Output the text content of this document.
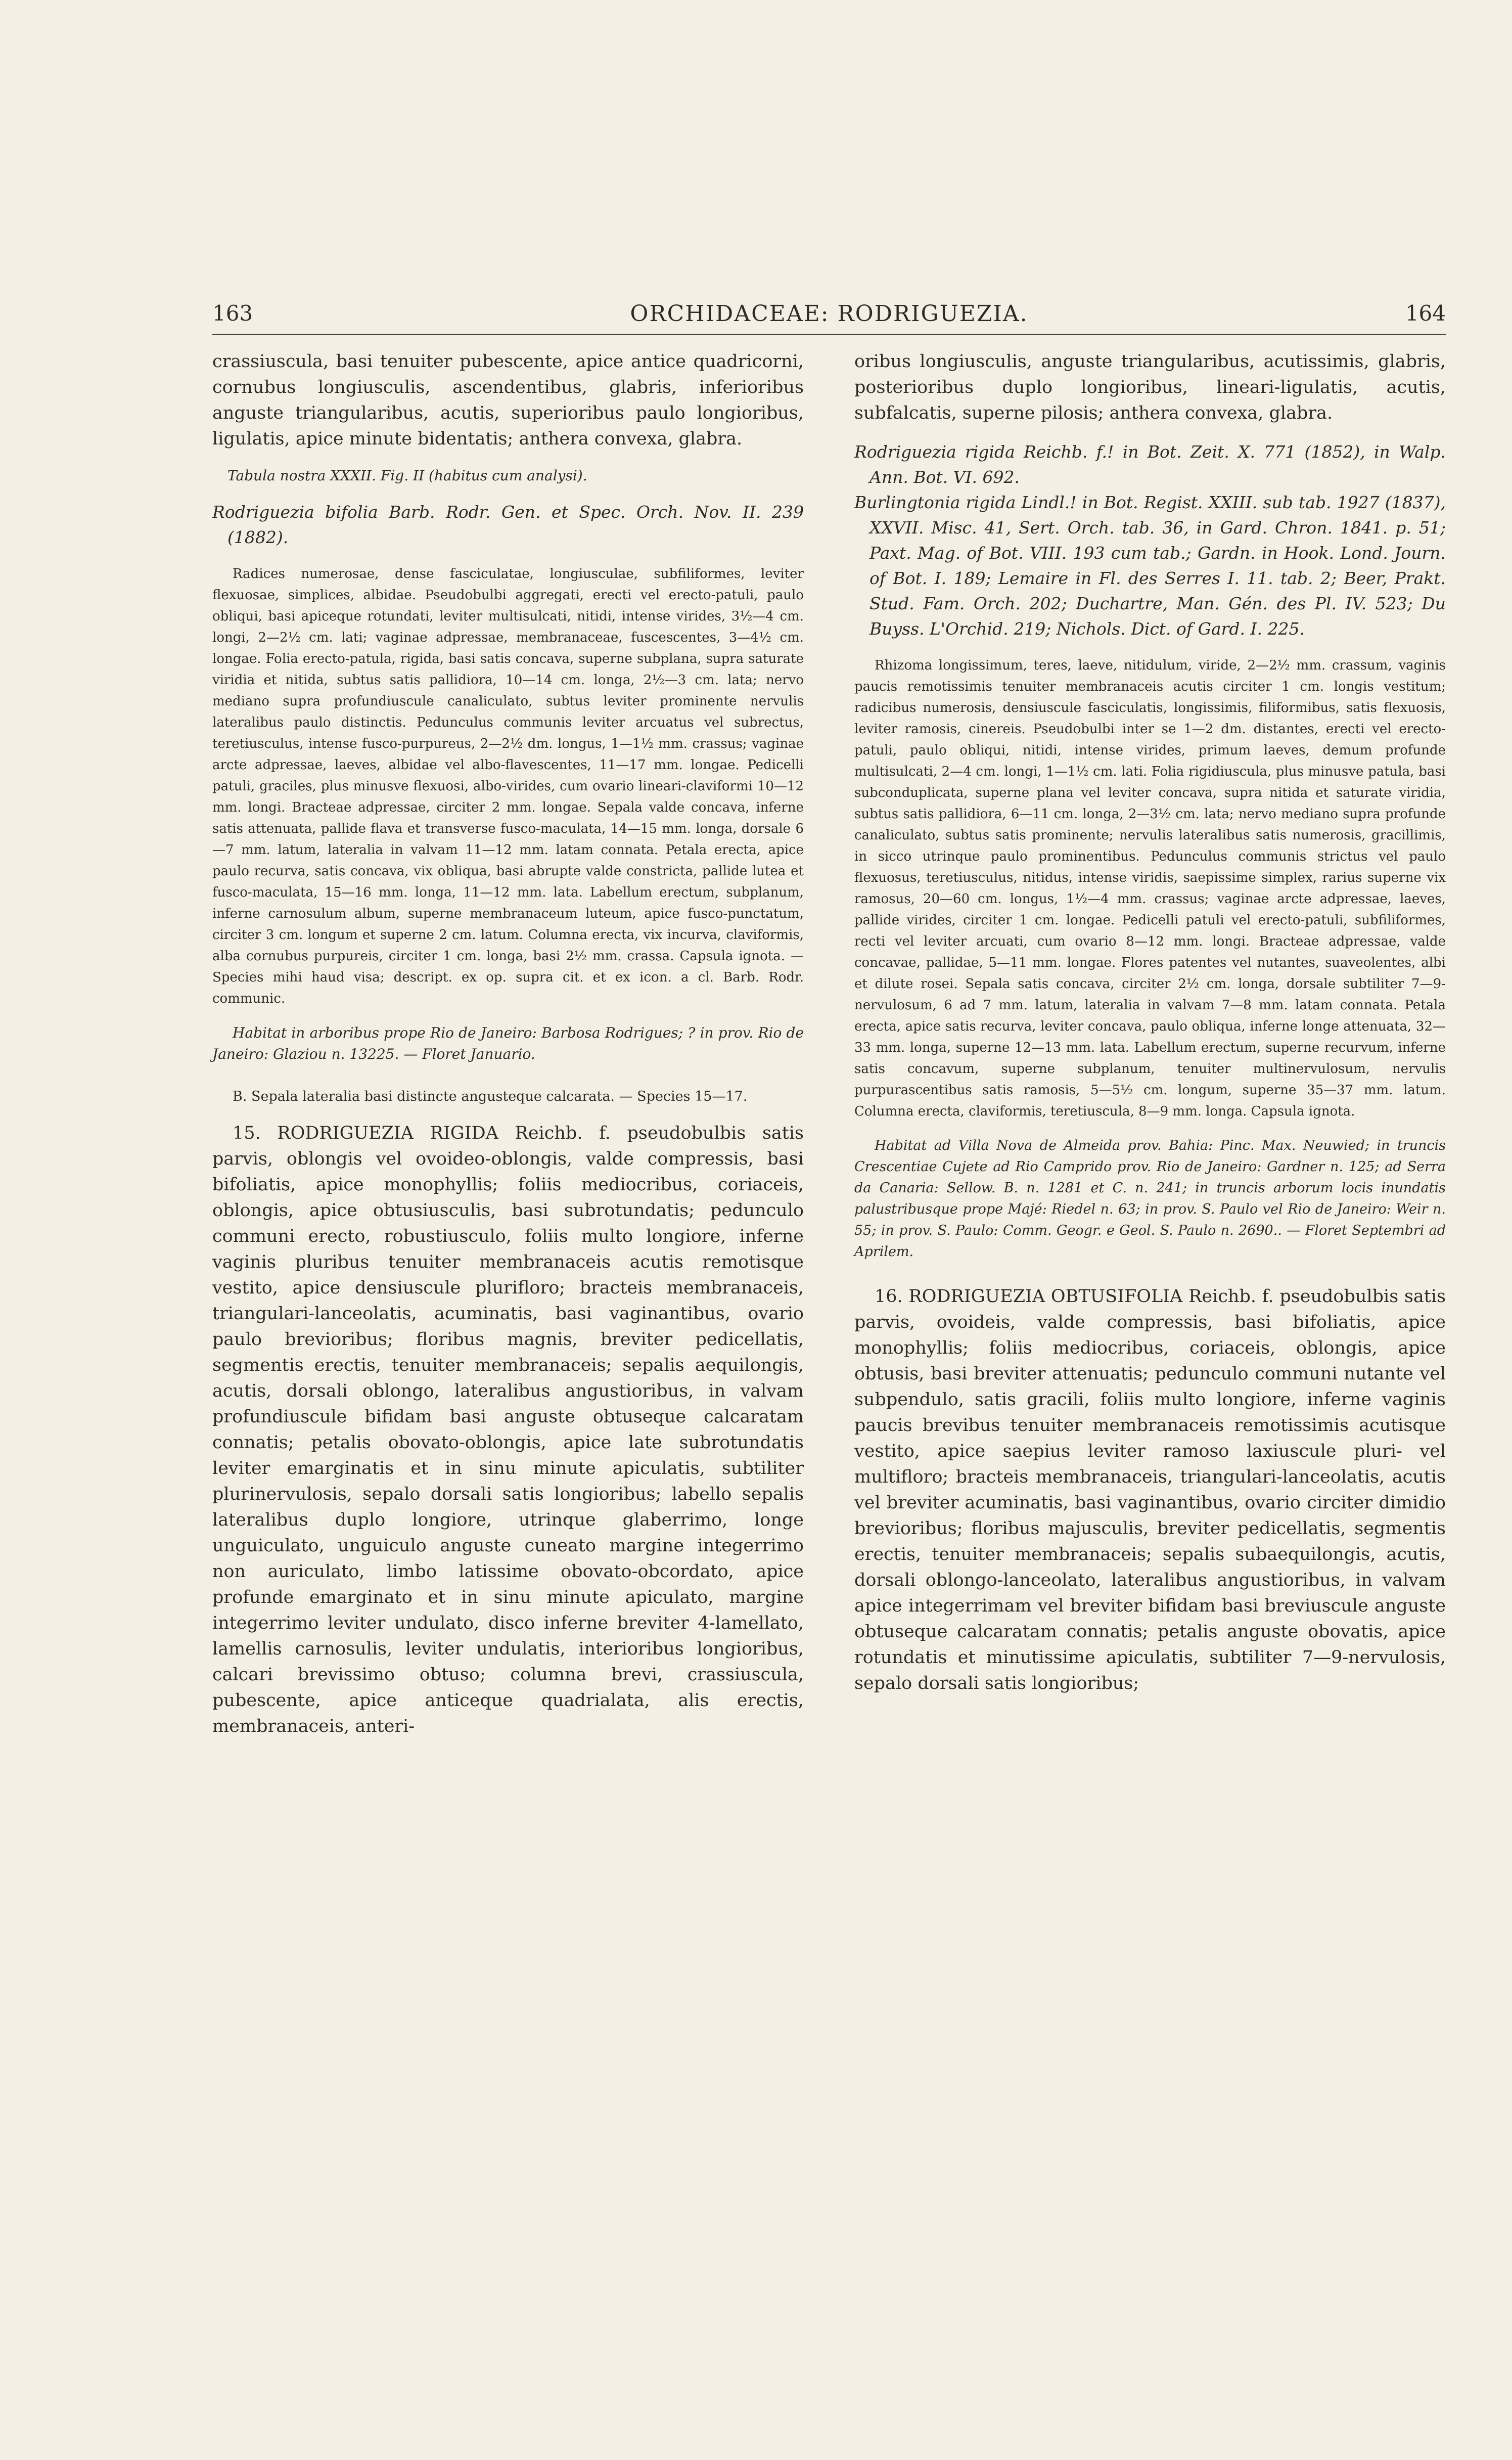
163	ORCHIDACEAE: RODRIGUEZIA.	164

crassiuscula, basi tenuiter pubescente, apice antice quadricorni, cornubus longiusculis, ascendentibus, glabris, inferioribus anguste triangularibus, acutis, superioribus paulo longioribus, ligulatis, apice minute bidentatis; anthera convexa, glabra.

Tabula nostra XXXII. Fig. II (habitus cum analysi).

Rodriguezia bifolia Barb. Rodr. Gen. et Spec. Orch. Nov. II. 239 (1882).

Radices numerosae, dense fasciculatae, longiusculae, subfiliformes, leviter flexuosae, simplices, albidae. Pseudobulbi aggregati, erecti vel erecto-patuli, paulo obliqui, basi apiceque rotundati, leviter multisulcati, nitidi, intense virides, 3½—4 cm. longi, 2—2½ cm. lati; vaginae adpressae, membranaceae, fuscescentes, 3—4½ cm. longae. Folia erecto-patula, rigida, basi satis concava, superne subplana, supra saturate viridia et nitida, subtus satis pallidiora, 10—14 cm. longa, 2½—3 cm. lata; nervo mediano supra profundiuscule canaliculato, subtus leviter prominente nervulis lateralibus paulo distinctis. Pedunculus communis leviter arcuatus vel subrectus, teretiusculus, intense fusco-purpureus, 2—2½ dm. longus, 1—1½ mm. crassus; vaginae arcte adpressae, laeves, albidae vel albo-flavescentes, 11—17 mm. longae. Pedicelli patuli, graciles, plus minusve flexuosi, albo-virides, cum ovario lineari-claviformi 10—12 mm. longi. Bracteae adpressae, circiter 2 mm. longae. Sepala valde concava, inferne satis attenuata, pallide flava et transverse fusco-maculata, 14—15 mm. longa, dorsale 6—7 mm. latum, lateralia in valvam 11—12 mm. latam connata. Petala erecta, apice paulo recurva, satis concava, vix obliqua, basi abrupte valde constricta, pallide lutea et fusco-maculata, 15—16 mm. longa, 11—12 mm. lata. Labellum erectum, subplanum, inferne carnosulum album, superne membranaceum luteum, apice fusco-punctatum, circiter 3 cm. longum et superne 2 cm. latum. Columna erecta, vix incurva, claviformis, alba cornubus purpureis, circiter 1 cm. longa, basi 2½ mm. crassa. Capsula ignota. — Species mihi haud visa; descript. ex op. supra cit. et ex icon. a cl. Barb. Rodr. communic.

Habitat in arboribus prope Rio de Janeiro: Barbosa Rodrigues; ? in prov. Rio de Janeiro: Glaziou n. 13225. — Floret Januario.

B. Sepala lateralia basi distincte angusteque calcarata. — Species 15—17.

15. RODRIGUEZIA RIGIDA Reichb. f. pseudobulbis satis parvis, oblongis vel ovoideo-oblongis, valde compressis, basi bifoliatis, apice monophyllis; foliis mediocribus, coriaceis, oblongis, apice obtusiusculis, basi subrotundatis; pedunculo communi erecto, robustiusculo, foliis multo longiore, inferne vaginis pluribus tenuiter membranaceis acutis remotisque vestito, apice densiuscule plurifloro; bracteis membranaceis, triangulari-lanceolatis, acuminatis, basi vaginantibus, ovario paulo brevioribus; floribus magnis, breviter pedicellatis, segmentis erectis, tenuiter membranaceis; sepalis aequilongis, acutis, dorsali oblongo, lateralibus angustioribus, in valvam profundiuscule bifidam basi anguste obtuseque calcaratam connatis; petalis obovato-oblongis, apice late subrotundatis leviter emarginatis et in sinu minute apiculatis, subtiliter plurinervulosis, sepalo dorsali satis longioribus; labello sepalis lateralibus duplo longiore, utrinque glaberrimo, longe unguiculato, unguiculo anguste cuneato margine integerrimo non auriculato, limbo latissime obovato-obcordato, apice profunde emarginato et in sinu minute apiculato, margine integerrimo leviter undulato, disco inferne breviter 4-lamellato, lamellis carnosulis, leviter undulatis, interioribus longioribus, calcari brevissimo obtuso; columna brevi, crassiuscula, pubescente, apice anticeque quadrialata, alis erectis, membranaceis, anteri-

oribus longiusculis, anguste triangularibus, acutissimis, glabris, posterioribus duplo longioribus, lineari-ligulatis, acutis, subfalcatis, superne pilosis; anthera convexa, glabra.

Rodriguezia rigida Reichb. f.! in Bot. Zeit. X. 771 (1852), in Walp. Ann. Bot. VI. 692.

Burlingtonia rigida Lindl.! in Bot. Regist. XXIII. sub tab. 1927 (1837), XXVII. Misc. 41, Sert. Orch. tab. 36, in Gard. Chron. 1841. p. 51; Paxt. Mag. of Bot. VIII. 193 cum tab.; Gardn. in Hook. Lond. Journ. of Bot. I. 189; Lemaire in Fl. des Serres I. 11. tab. 2; Beer, Prakt. Stud. Fam. Orch. 202; Duchartre, Man. Gén. des Pl. IV. 523; Du Buyss. L'Orchid. 219; Nichols. Dict. of Gard. I. 225.

Rhizoma longissimum, teres, laeve, nitidulum, viride, 2—2½ mm. crassum, vaginis paucis remotissimis tenuiter membranaceis acutis circiter 1 cm. longis vestitum; radicibus numerosis, densiuscule fasciculatis, longissimis, filiformibus, satis flexuosis, leviter ramosis, cinereis. Pseudobulbi inter se 1—2 dm. distantes, erecti vel erecto-patuli, paulo obliqui, nitidi, intense virides, primum laeves, demum profunde multisulcati, 2—4 cm. longi, 1—1½ cm. lati. Folia rigidiuscula, plus minusve patula, basi subconduplicata, superne plana vel leviter concava, supra nitida et saturate viridia, subtus satis pallidiora, 6—11 cm. longa, 2—3½ cm. lata; nervo mediano supra profunde canaliculato, subtus satis prominente; nervulis lateralibus satis numerosis, gracillimis, in sicco utrinque paulo prominentibus. Pedunculus communis strictus vel paulo flexuosus, teretiusculus, nitidus, intense viridis, saepissime simplex, rarius superne vix ramosus, 20—60 cm. longus, 1½—4 mm. crassus; vaginae arcte adpressae, laeves, pallide virides, circiter 1 cm. longae. Pedicelli patuli vel erecto-patuli, subfiliformes, recti vel leviter arcuati, cum ovario 8—12 mm. longi. Bracteae adpressae, valde concavae, pallidae, 5—11 mm. longae. Flores patentes vel nutantes, suaveolentes, albi et dilute rosei. Sepala satis concava, circiter 2½ cm. longa, dorsale subtiliter 7—9-nervulosum, 6 ad 7 mm. latum, lateralia in valvam 7—8 mm. latam connata. Petala erecta, apice satis recurva, leviter concava, paulo obliqua, inferne longe attenuata, 32—33 mm. longa, superne 12—13 mm. lata. Labellum erectum, superne recurvum, inferne satis concavum, superne subplanum, tenuiter multinervulosum, nervulis purpurascentibus satis ramosis, 5—5½ cm. longum, superne 35—37 mm. latum. Columna erecta, claviformis, teretiuscula, 8—9 mm. longa. Capsula ignota.

Habitat ad Villa Nova de Almeida prov. Bahia: Pinc. Max. Neuwied; in truncis Crescentiae Cujete ad Rio Camprido prov. Rio de Janeiro: Gardner n. 125; ad Serra da Canaria: Sellow. B. n. 1281 et C. n. 241; in truncis arborum locis inundatis palustribusque prope Majé: Riedel n. 63; in prov. S. Paulo vel Rio de Janeiro: Weir n. 55; in prov. S. Paulo: Comm. Geogr. e Geol. S. Paulo n. 2690.. — Floret Septembri ad Aprilem.

16. RODRIGUEZIA OBTUSIFOLIA Reichb. f. pseudobulbis satis parvis, ovoideis, valde compressis, basi bifoliatis, apice monophyllis; foliis mediocribus, coriaceis, oblongis, apice obtusis, basi breviter attenuatis; pedunculo communi nutante vel subpendulo, satis gracili, foliis multo longiore, inferne vaginis paucis brevibus tenuiter membranaceis remotissimis acutisque vestito, apice saepius leviter ramoso laxiuscule pluri- vel multifloro; bracteis membranaceis, triangulari-lanceolatis, acutis vel breviter acuminatis, basi vaginantibus, ovario circiter dimidio brevioribus; floribus majusculis, breviter pedicellatis, segmentis erectis, tenuiter membranaceis; sepalis subaequilongis, acutis, dorsali oblongo-lanceolato, lateralibus angustioribus, in valvam apice integerrimam vel breviter bifidam basi breviuscule anguste obtuseque calcaratam connatis; petalis anguste obovatis, apice rotundatis et minutissime apiculatis, subtiliter 7—9-nervulosis, sepalo dorsali satis longioribus;
